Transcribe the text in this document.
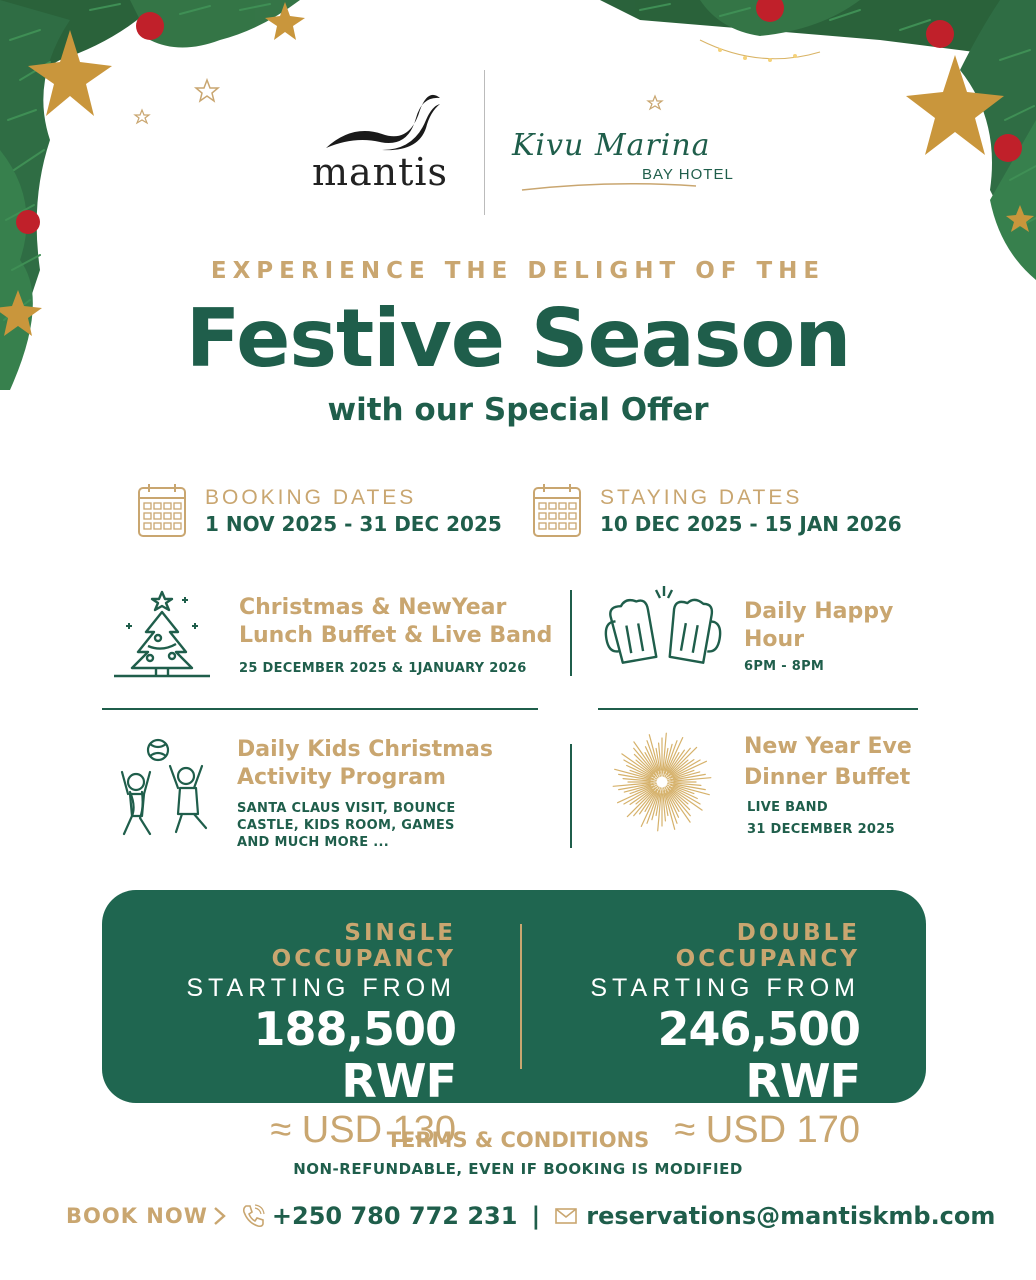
mantis
Kivu Marina
BAY HOTEL
EXPERIENCE THE DELIGHT OF THE
Festive Season
with our Special Offer
BOOKING DATES
1 NOV 2025 - 31 DEC 2025
STAYING DATES
10 DEC 2025 - 15 JAN 2026
Christmas & NewYear
Lunch Buffet & Live Band
25 DECEMBER 2025 & 1JANUARY 2026
Daily Happy
Hour
6PM - 8PM
Daily Kids Christmas
Activity Program
SANTA CLAUS VISIT, BOUNCE
CASTLE, KIDS ROOM, GAMES
AND MUCH MORE ...
New Year Eve
Dinner Buffet
LIVE BAND
31 DECEMBER 2025
SINGLE OCCUPANCY
STARTING FROM
188,500 RWF
≈ USD 130
DOUBLE OCCUPANCY
STARTING FROM
246,500 RWF
≈ USD 170
TERMS & CONDITIONS
NON-REFUNDABLE, EVEN IF BOOKING IS MODIFIED
BOOK NOW	+250 780 772 231 | reservations@mantiskmb.com
